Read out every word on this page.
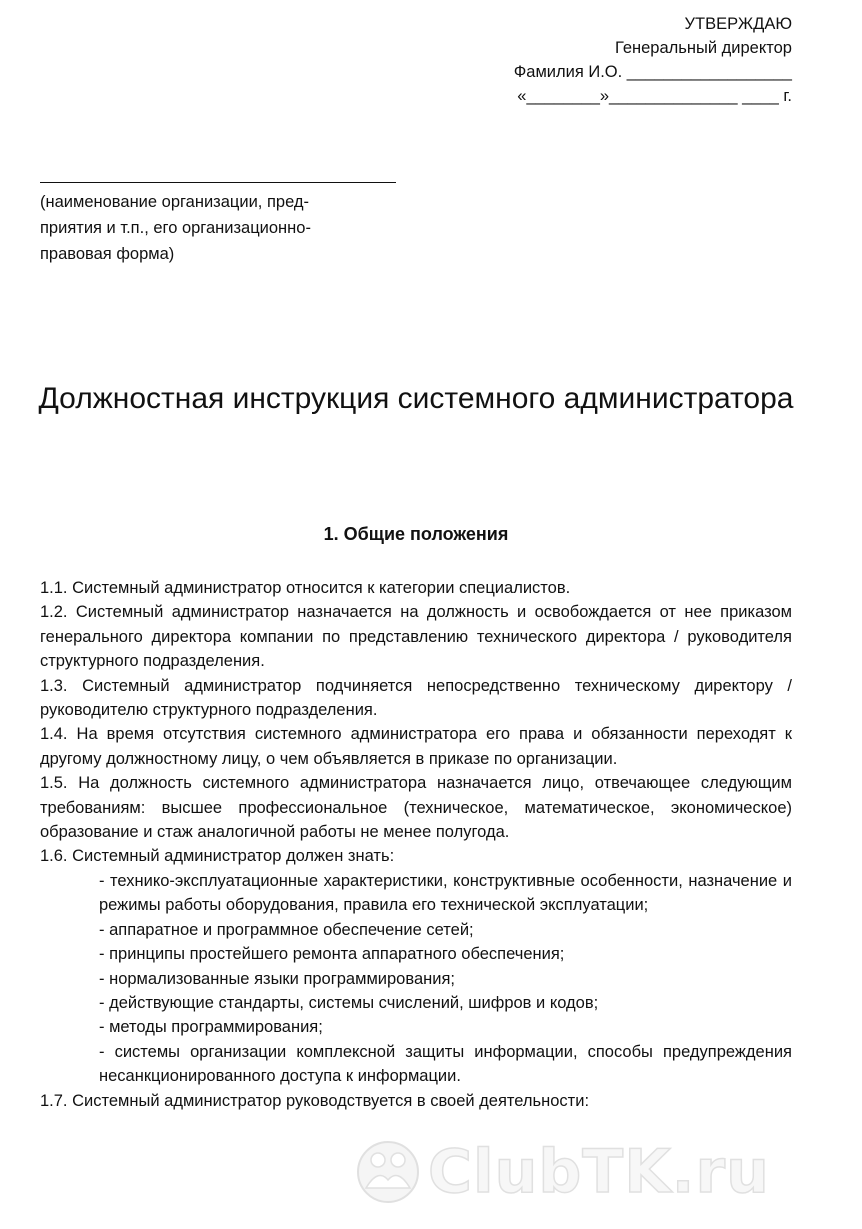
УТВЕРЖДАЮ
Генеральный директор
Фамилия И.О. __________________
«________»______________ ____ г.
(наименование организации, пред-приятия и т.п., его организационно-правовая форма)
Должностная инструкция системного администратора
1. Общие положения

1.1. Системный администратор относится к категории специалистов.

1.2. Системный администратор назначается на должность и освобождается от нее приказом генерального директора компании по представлению технического директора / руководителя структурного подразделения.

1.3. Системный администратор подчиняется непосредственно техническому директору / руководителю структурного подразделения.

1.4. На время отсутствия системного администратора его права и обязанности переходят к другому должностному лицу, о чем объявляется в приказе по организации.

1.5. На должность системного администратора назначается лицо, отвечающее следующим требованиям: высшее профессиональное (техническое, математическое, экономическое) образование и стаж аналогичной работы не менее полугода.

1.6. Системный администратор должен знать:

- технико-эксплуатационные характеристики, конструктивные особенности, назначение и режимы работы оборудования, правила его технической эксплуатации;

- аппаратное и программное обеспечение сетей;

- принципы простейшего ремонта аппаратного обеспечения;

- нормализованные языки программирования;

- действующие стандарты, системы счислений, шифров и кодов;

- методы программирования;

- системы организации комплексной защиты информации, способы предупреждения несанкционированного доступа к информации.

1.7. Системный администратор руководствуется в своей деятельности:

ClubTK.ru
